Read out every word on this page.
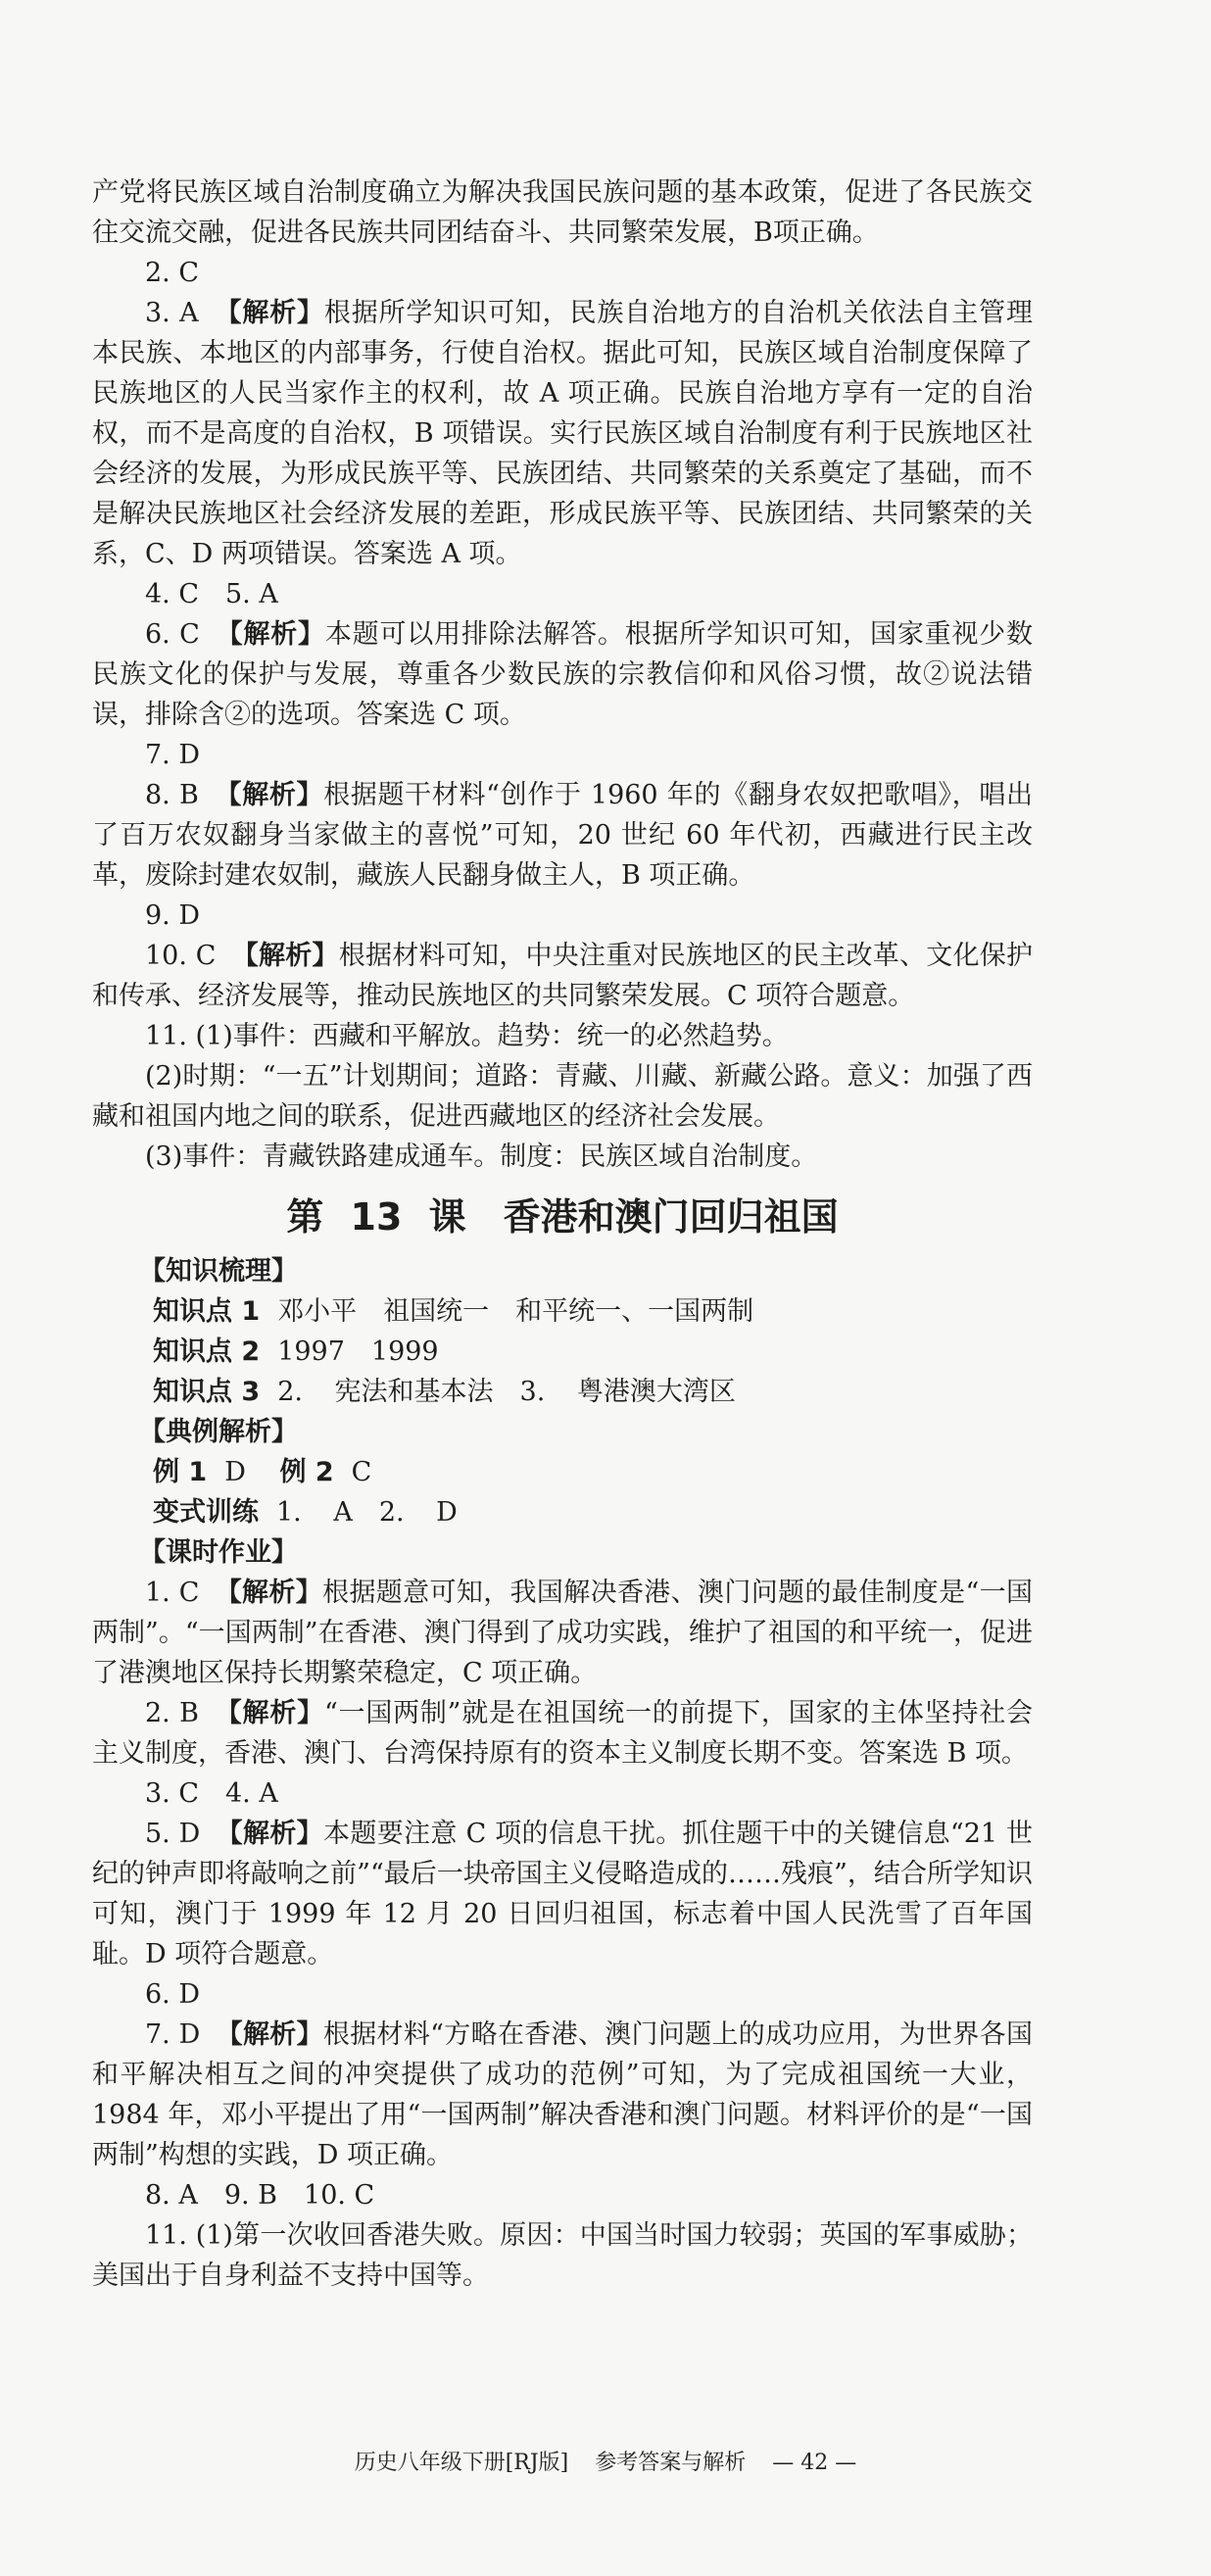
产党将民族区域自治制度确立为解决我国民族问题的基本政策，促进了各民族交往交流交融，促进各民族共同团结奋斗、共同繁荣发展，B项正确。

2. C

3. A 【解析】根据所学知识可知，民族自治地方的自治机关依法自主管理本民族、本地区的内部事务，行使自治权。据此可知，民族区域自治制度保障了民族地区的人民当家作主的权利，故 A 项正确。民族自治地方享有一定的自治权，而不是高度的自治权，B 项错误。实行民族区域自治制度有利于民族地区社会经济的发展，为形成民族平等、民族团结、共同繁荣的关系奠定了基础，而不是解决民族地区社会经济发展的差距，形成民族平等、民族团结、共同繁荣的关系，C、D 两项错误。答案选 A 项。

4. C　5. A

6. C 【解析】本题可以用排除法解答。根据所学知识可知，国家重视少数民族文化的保护与发展，尊重各少数民族的宗教信仰和风俗习惯，故②说法错误，排除含②的选项。答案选 C 项。

7. D

8. B 【解析】根据题干材料“创作于 1960 年的《翻身农奴把歌唱》，唱出了百万农奴翻身当家做主的喜悦”可知，20 世纪 60 年代初，西藏进行民主改革，废除封建农奴制，藏族人民翻身做主人，B 项正确。

9. D

10. C 【解析】根据材料可知，中央注重对民族地区的民主改革、文化保护和传承、经济发展等，推动民族地区的共同繁荣发展。C 项符合题意。

11. (1)事件：西藏和平解放。趋势：统一的必然趋势。

(2)时期：“一五”计划期间；道路：青藏、川藏、新藏公路。意义：加强了西藏和祖国内地之间的联系，促进西藏地区的经济社会发展。

(3)事件：青藏铁路建成通车。制度：民族区域自治制度。

第 13 课　香港和澳门回归祖国
【知识梳理】
知识点 1 邓小平　祖国统一　和平统一、一国两制
知识点 2 1997　1999
知识点 3 2. 宪法和基本法　3. 粤港澳大湾区
【典例解析】
例 1 D 例 2 C
变式训练 1. A　2. D
【课时作业】

1. C 【解析】根据题意可知，我国解决香港、澳门问题的最佳制度是“一国两制”。“一国两制”在香港、澳门得到了成功实践，维护了祖国的和平统一，促进了港澳地区保持长期繁荣稳定，C 项正确。

2. B 【解析】“一国两制”就是在祖国统一的前提下，国家的主体坚持社会主义制度，香港、澳门、台湾保持原有的资本主义制度长期不变。答案选 B 项。

3. C　4. A

5. D 【解析】本题要注意 C 项的信息干扰。抓住题干中的关键信息“21 世纪的钟声即将敲响之前”“最后一块帝国主义侵略造成的……残痕”，结合所学知识可知，澳门于 1999 年 12 月 20 日回归祖国，标志着中国人民洗雪了百年国耻。D 项符合题意。

6. D

7. D 【解析】根据材料“方略在香港、澳门问题上的成功应用，为世界各国和平解决相互之间的冲突提供了成功的范例”可知，为了完成祖国统一大业，1984 年，邓小平提出了用“一国两制”解决香港和澳门问题。材料评价的是“一国两制”构想的实践，D 项正确。

8. A　9. B　10. C

11. (1)第一次收回香港失败。原因：中国当时国力较弱；英国的军事威胁；美国出于自身利益不支持中国等。

历史八年级下册[RJ版] 参考答案与解析 — 42 —
